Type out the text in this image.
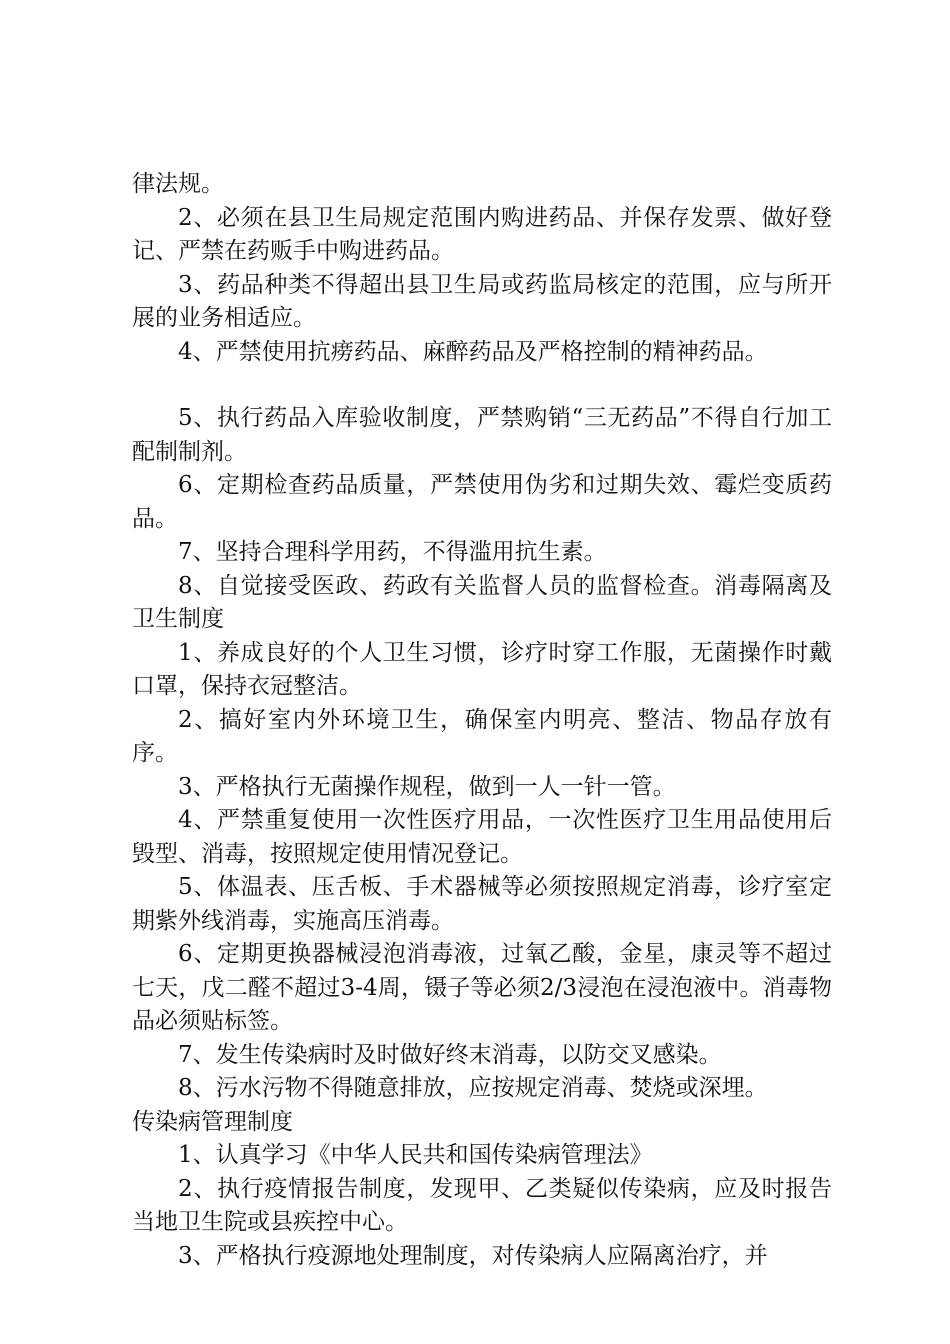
律法规。

2、必须在县卫生局规定范围内购进药品、并保存发票、做好登记、严禁在药贩手中购进药品。

3、药品种类不得超出县卫生局或药监局核定的范围，应与所开展的业务相适应。

4、严禁使用抗痨药品、麻醉药品及严格控制的精神药品。

5、执行药品入库验收制度，严禁购销“三无药品”不得自行加工配制制剂。

6、定期检查药品质量，严禁使用伪劣和过期失效、霉烂变质药品。

7、坚持合理科学用药，不得滥用抗生素。

8、自觉接受医政、药政有关监督人员的监督检查。消毒隔离及卫生制度

1、养成良好的个人卫生习惯，诊疗时穿工作服，无菌操作时戴口罩，保持衣冠整洁。

2、搞好室内外环境卫生，确保室内明亮、整洁、物品存放有序。

3、严格执行无菌操作规程，做到一人一针一管。

4、严禁重复使用一次性医疗用品，一次性医疗卫生用品使用后毁型、消毒，按照规定使用情况登记。

5、体温表、压舌板、手术器械等必须按照规定消毒，诊疗室定期紫外线消毒，实施高压消毒。

6、定期更换器械浸泡消毒液，过氧乙酸，金星，康灵等不超过七天，戊二醛不超过3-4周，镊子等必须2/3浸泡在浸泡液中。消毒物品必须贴标签。

7、发生传染病时及时做好终末消毒，以防交叉感染。

8、污水污物不得随意排放，应按规定消毒、焚烧或深埋。

传染病管理制度

1、认真学习《中华人民共和国传染病管理法》

2、执行疫情报告制度，发现甲、乙类疑似传染病，应及时报告当地卫生院或县疾控中心。

3、严格执行疫源地处理制度，对传染病人应隔离治疗，并
